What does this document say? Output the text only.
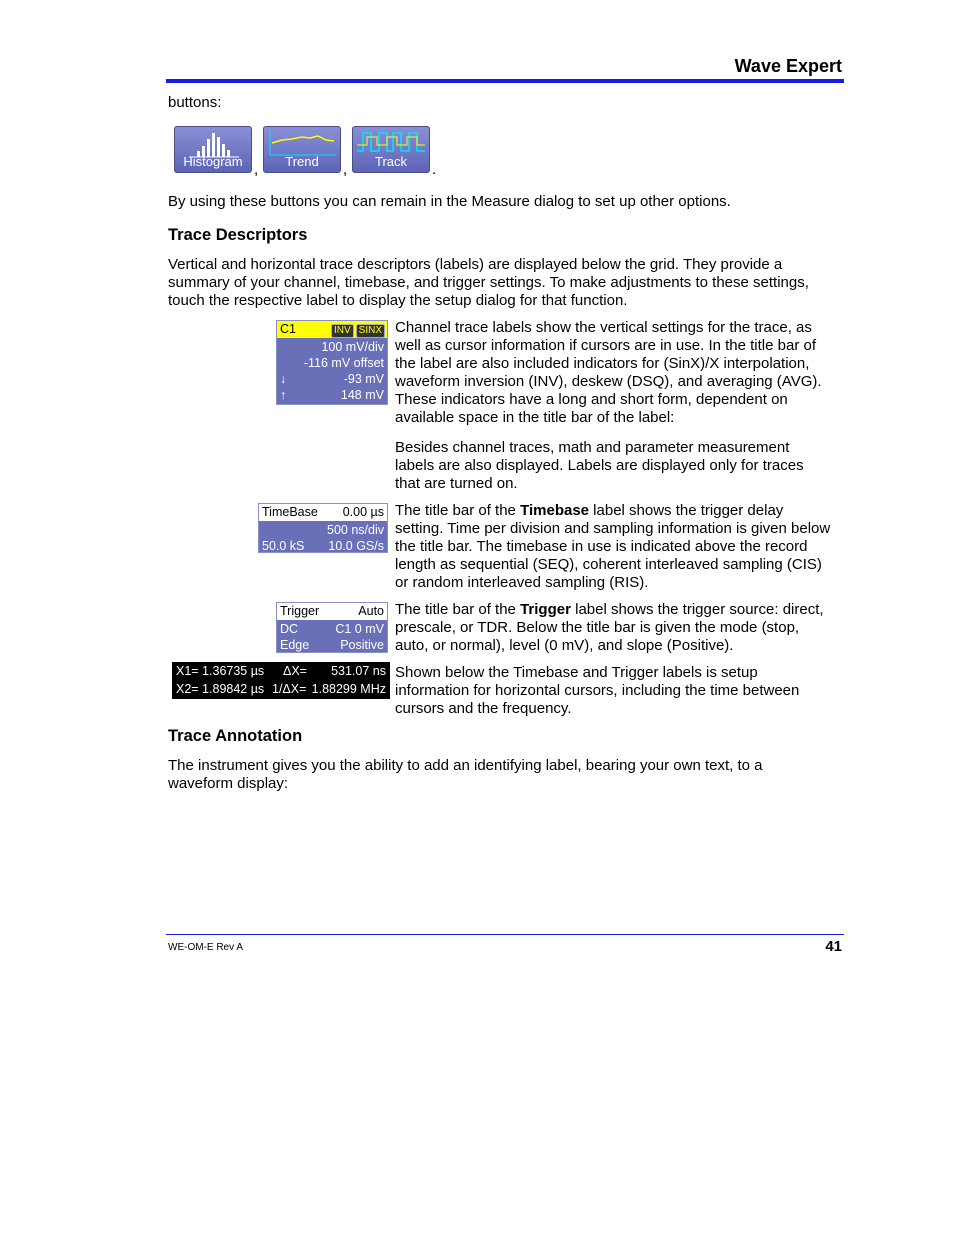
Wave Expert
buttons:
Histogram ,	Trend	,	Track	.
By using these buttons you can remain in the Measure dialog to set up other options.
Trace Descriptors
Vertical and horizontal trace descriptors (labels) are displayed below the grid. They provide a
summary of your channel, timebase, and trigger settings. To make adjustments to these settings,
touch the respective label to display the setup dialog for that function.
C1	INV SINX
100 mV/div
-116 mV offset
↓	-93 mV
↑	148 mV
Channel trace labels show the vertical settings for the trace, as
well as cursor information if cursors are in use. In the title bar of
the label are also included indicators for (SinX)/X interpolation,
waveform inversion (INV), deskew (DSQ), and averaging (AVG).
These indicators have a long and short form, dependent on
available space in the title bar of the label:
Besides channel traces, math and parameter measurement
labels are also displayed. Labels are displayed only for traces
that are turned on.
TimeBase 0.00 µs
500 ns/div
50.0 kS 10.0 GS/s
The title bar of the Timebase label shows the trigger delay
setting. Time per division and sampling information is given below
the title bar. The timebase in use is indicated above the record
length as sequential (SEQ), coherent interleaved sampling (CIS)
or random interleaved sampling (RIS).
Trigger	Auto
DC	C1 0 mV
Edge Positive
The title bar of the Trigger label shows the trigger source: direct,
prescale, or TDR. Below the title bar is given the mode (stop,
auto, or normal), level (0 mV), and slope (Positive).
X1= 1.36735 µs ΔX= 531.07 ns
X2= 1.89842 µs 1/ΔX= 1.88299 MHz
Shown below the Timebase and Trigger labels is setup
information for horizontal cursors, including the time between
cursors and the frequency.
Trace Annotation
The instrument gives you the ability to add an identifying label, bearing your own text, to a
waveform display:
WE-OM-E Rev A	41
